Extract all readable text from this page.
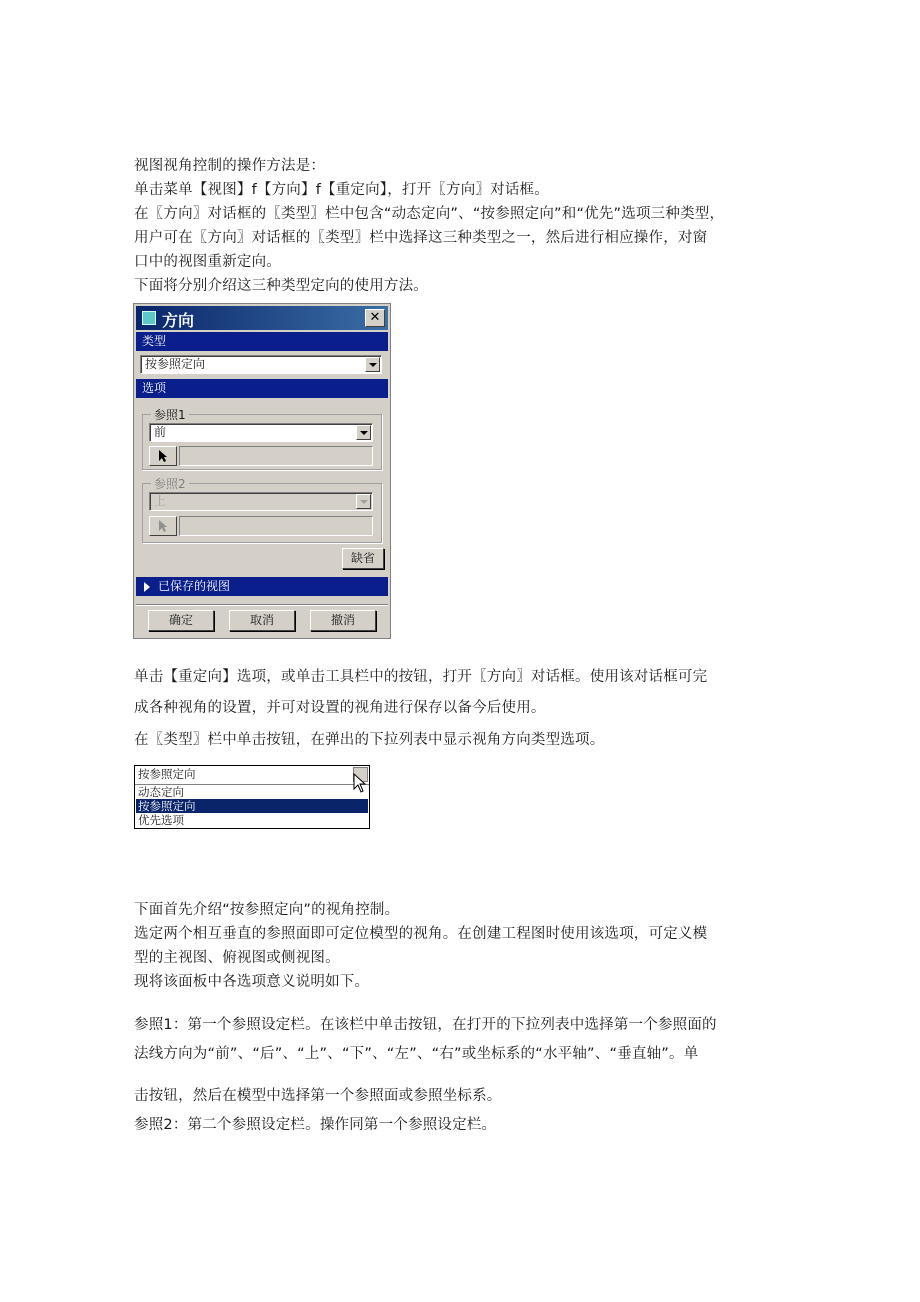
视图视角控制的操作方法是：
单击菜单【视图】f【方向】f【重定向】，打开〖方向〗对话框。
在〖方向〗对话框的〖类型〗栏中包含“动态定向”、“按参照定向”和“优先”选项三种类型，
用户可在〖方向〗对话框的〖类型〗栏中选择这三种类型之一，然后进行相应操作，对窗
口中的视图重新定向。
下面将分别介绍这三种类型定向的使用方法。
方向	✕
类型
按参照定向
选项
参照1
前
参照2
上
缺省
已保存的视图
确定	取消	撤消
单击【重定向】选项，或单击工具栏中的按钮，打开〖方向〗对话框。使用该对话框可完
成各种视角的设置，并可对设置的视角进行保存以备今后使用。
在〖类型〗栏中单击按钮，在弹出的下拉列表中显示视角方向类型选项。
按参照定向
动态定向
按参照定向
优先选项
下面首先介绍“按参照定向”的视角控制。
选定两个相互垂直的参照面即可定位模型的视角。在创建工程图时使用该选项，可定义模
型的主视图、俯视图或侧视图。
现将该面板中各选项意义说明如下。
参照1：第一个参照设定栏。在该栏中单击按钮，在打开的下拉列表中选择第一个参照面的
法线方向为“前”、“后”、“上”、“下”、“左”、“右”或坐标系的“水平轴”、“垂直轴”。单
击按钮，然后在模型中选择第一个参照面或参照坐标系。
参照2：第二个参照设定栏。操作同第一个参照设定栏。
